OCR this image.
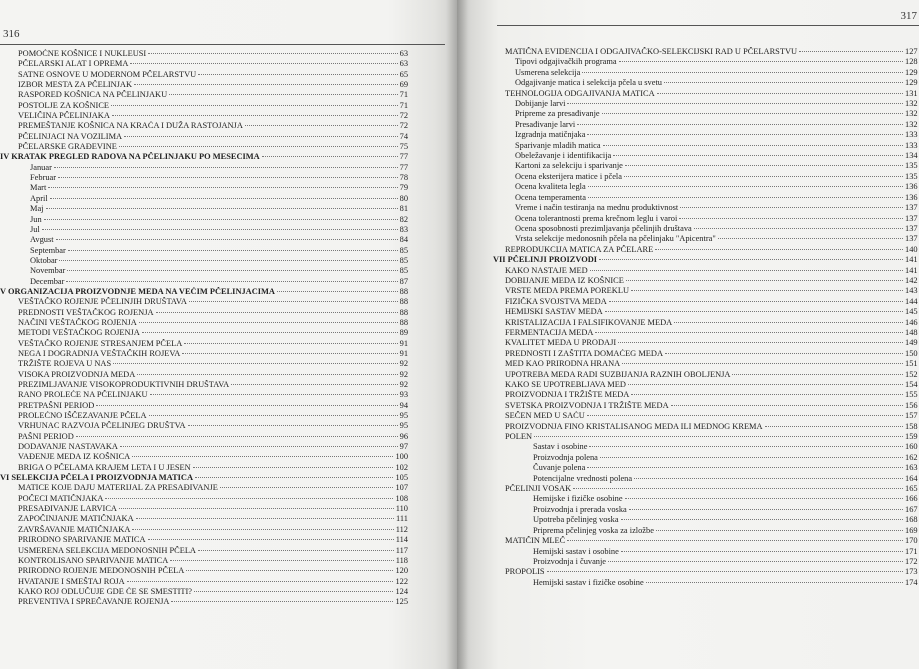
316
POMOĆNE KOŠNICE I NUKLEUSI	63
PČELARSKI ALAT I OPREMA	63
SATNE OSNOVE U MODERNOM PČELARSTVU	65
IZBOR MESTA ZA PČELINJAK	69
RASPORED KOŠNICA NA PČELINJAKU	71
POSTOLJE ZA KOŠNICE	71
VELIČINA PČELINJAKA	72
PREMEŠTANJE KOŠNICA NA KRAĆA I DUŽA RASTOJANJA	72
PČELINJACI NA VOZILIMA	74
PČELARSKE GRAĐEVINE	75
IV KRATAK PREGLED RADOVA NA PČELINJAKU PO MESECIMA	77
Januar	77
Februar	78
Mart	79
April	80
Maj	81
Jun	82
Jul	83
Avgust	84
Septembar	85
Oktobar	85
Novembar	85
Decembar	87
V ORGANIZACIJA PROIZVODNJE MEDA NA VEĆIM PČELINJACIMA	88
VEŠTAČKO ROJENJE PČELINJIH DRUŠTAVA	88
PREDNOSTI VEŠTAČKOG ROJENJA	88
NAČINI VEŠTAČKOG ROJENJA	88
METODI VEŠTAČKOG ROJENJA	89
VEŠTAČKO ROJENJE STRESANJEM PČELA	91
NEGA I DOGRADNJA VEŠTAČKIH ROJEVA	91
TRŽIŠTE ROJEVA U NAS	92
VISOKA PROIZVODNJA MEDA	92
PREZIMLJAVANJE VISOKOPRODUKTIVNIH DRUŠTAVA	92
RANO PROLEĆE NA PČELINJAKU	93
PRETPAŠNI PERIOD	94
PROLEĆNO IŠČEZAVANJE PČELA	95
VRHUNAC RAZVOJA PČELINJEG DRUŠTVA	95
PAŠNI PERIOD	96
DODAVANJE NASTAVAKA	97
VAĐENJE MEDA IZ KOŠNICA	100
BRIGA O PČELAMA KRAJEM LETA I U JESEN	102
VI SELEKCIJA PČELA I PROIZVODNJA MATICA	105
MATICE KOJE DAJU MATERIJAL ZA PRESAĐIVANJE	107
POČECI MATIČNJAKA	108
PRESAĐIVANJE LARVICA	110
ZAPOČINJANJE MATIČNJAKA	111
ZAVRŠAVANJE MATIČNJAKA	112
PRIRODNO SPARIVANJE MATICA	114
USMERENA SELEKCIJA MEDONOSNIH PČELA	117
KONTROLISANO SPARIVANJE MATICA	118
PRIRODNO ROJENJE MEDONOSNIH PČELA	120
HVATANJE I SMEŠTAJ ROJA	122
KAKO ROJ ODLUČUJE GDE ĆE SE SMESTITI?	124
PREVENTIVA I SPREČAVANJE ROJENJA	125
317
MATIČNA EVIDENCIJA I ODGAJIVAČKO-SELEKCIJSKI RAD U PČELARSTVU	127
Tipovi odgajivačkih programa	128
Usmerena selekcija	129
Odgajivanje matica i selekcija pčela u svetu	129
TEHNOLOGIJA ODGAJIVANJA MATICA	131
Dobijanje larvi	132
Pripreme za presađivanje	132
Presađivanje larvi	132
Izgradnja matičnjaka	133
Sparivanje mladih matica	133
Obeležavanje i identifikacija	134
Kartoni za selekciju i sparivanje	135
Ocena eksterijera matice i pčela	135
Ocena kvaliteta legla	136
Ocena temperamenta	136
Vreme i način testiranja na mednu produktivnost	137
Ocena tolerantnosti prema krečnom leglu i varoi	137
Ocena sposobnosti prezimljavanja pčelinjih društava	137
Vrsta selekcije medonosnih pčela na pčelinjaku "Apicentra"	137
REPRODUKCIJA MATICA ZA PČELARE	140
VII PČELINJI PROIZVODI	141
KAKO NASTAJE MED	141
DOBIJANJE MEDA IZ KOŠNICE	142
VRSTE MEDA PREMA POREKLU	143
FIZIČKA SVOJSTVA MEDA	144
HEMIJSKI SASTAV MEDA	145
KRISTALIZACIJA I FALSIFIKOVANJE MEDA	146
FERMENTACIJA MEDA	148
KVALITET MEDA U PRODAJI	149
PREDNOSTI I ZAŠTITA DOMAĆEG MEDA	150
MED KAO PRIRODNA HRANA	151
UPOTREBA MEDA RADI SUZBIJANJA RAZNIH OBOLJENJA	152
KAKO SE UPOTREBLJAVA MED	154
PROIZVODNJA I TRŽIŠTE MEDA	155
SVETSKA PROIZVODNJA I TRŽIŠTE MEDA	156
SEČEN MED U SAĆU	157
PROIZVODNJA FINO KRISTALISANOG MEDA ILI MEDNOG KREMA	158
POLEN	159
Sastav i osobine	160
Proizvodnja polena	162
Čuvanje polena	163
Potencijalne vrednosti polena	164
PČELINJI VOSAK	165
Hemijske i fizičke osobine	166
Proizvodnja i prerada voska	167
Upotreba pčelinjeg voska	168
Priprema pčelinjeg voska za izložbe	169
MATIČIN MLEČ	170
Hemijski sastav i osobine	171
Proizvodnja i čuvanje	172
PROPOLIS	173
Hemijski sastav i fizičke osobine	174
